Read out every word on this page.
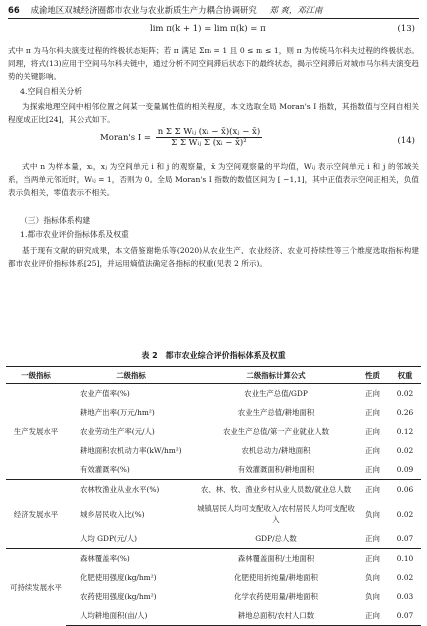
66 成渝地区双城经济圈都市农业与农业新质生产力耦合协调研究 郑 爽，邓江南
lim π(k + 1) = lim π(k) = π	(13)

式中 π 为马尔科夫演变过程的终极状态矩阵；若 π 满足 Σπᵢ = 1 且 0 ≤ πᵢ ≤ 1，则 π 为传统马尔科夫过程的终极状态。同理，将式(13)应用于空间马尔科夫链中，通过分析不同空间滞后状态下的最终状态，揭示空间滞后对城市马尔科夫演变趋势的关键影响。

4.空间自相关分析

为探索地理空间中相邻位置之间某一变量属性值的相关程度，本文选取全局 Moran's I 指数，其指数值与空间自相关程度成正比[24]，其公式如下。

Moran's $I = \frac{\text{n Σ Σ Wᵢⱼ (xᵢ − x̄)(xⱼ − x̄)}}{\text{Σ Σ Wᵢⱼ Σ (xᵢ − x̄)²}}$	(14)

式中 n 为样本量，xᵢ，xⱼ 为空间单元 i 和 j 的观察量，x̄ 为空间观察量的平均值，Wᵢⱼ 表示空间单元 i 和 j 的邻域关系，当两单元邻近时，Wᵢⱼ = 1，否则为 0。全局 Moran's I 指数的数值区间为 [ −1,1]，其中正值表示空间正相关，负值表示负相关，零值表示不相关。

（三）指标体系构建
1.都市农业评价指标体系及权重

基于现有文献的研究成果，本文借鉴谢艳乐等(2020)从农业生产、农业经济、农业可持续性等三个维度选取指标构建都市农业评价指标体系[25]，并运用熵值法确定各指标的权重(见表 2 所示)。

表 2　都市农业综合评价指标体系及权重
一级指标	二级指标	二级指标计算公式	性质	权重
生产发展水平	农业产值率(%)	农业生产总值/GDP	正向	0.02
	耕地产出率(万元/hm²)	农业生产总值/耕地面积	正向	0.26
	农业劳动生产率(元/人)	农业生产总值/第一产业就业人数	正向	0.12
	耕地面积农机动力率(kW/hm²)	农机总动力/耕地面积	正向	0.02
	有效灌溉率(%)	有效灌溉面积/耕地面积	正向	0.09
经济发展水平	农林牧渔业从业水平(%)	农、林、牧、渔业乡村从业人员数/就业总人数	正向	0.06
	城乡居民收入比(%)	城镇居民人均可支配收入/农村居民人均可支配收入	负向	0.02
	人均 GDP(元/人)	GDP/总人数	正向	0.07
可持续发展水平	森林覆盖率(%)	森林覆盖面积/土地面积	正向	0.10
	化肥使用强度(kg/hm²)	化肥使用折纯量/耕地面积	负向	0.02
	农药使用强度(kg/hm²)	化学农药使用量/耕地面积	负向	0.03
	人均耕地面积(亩/人)	耕地总面积/农村人口数	正向	0.07
